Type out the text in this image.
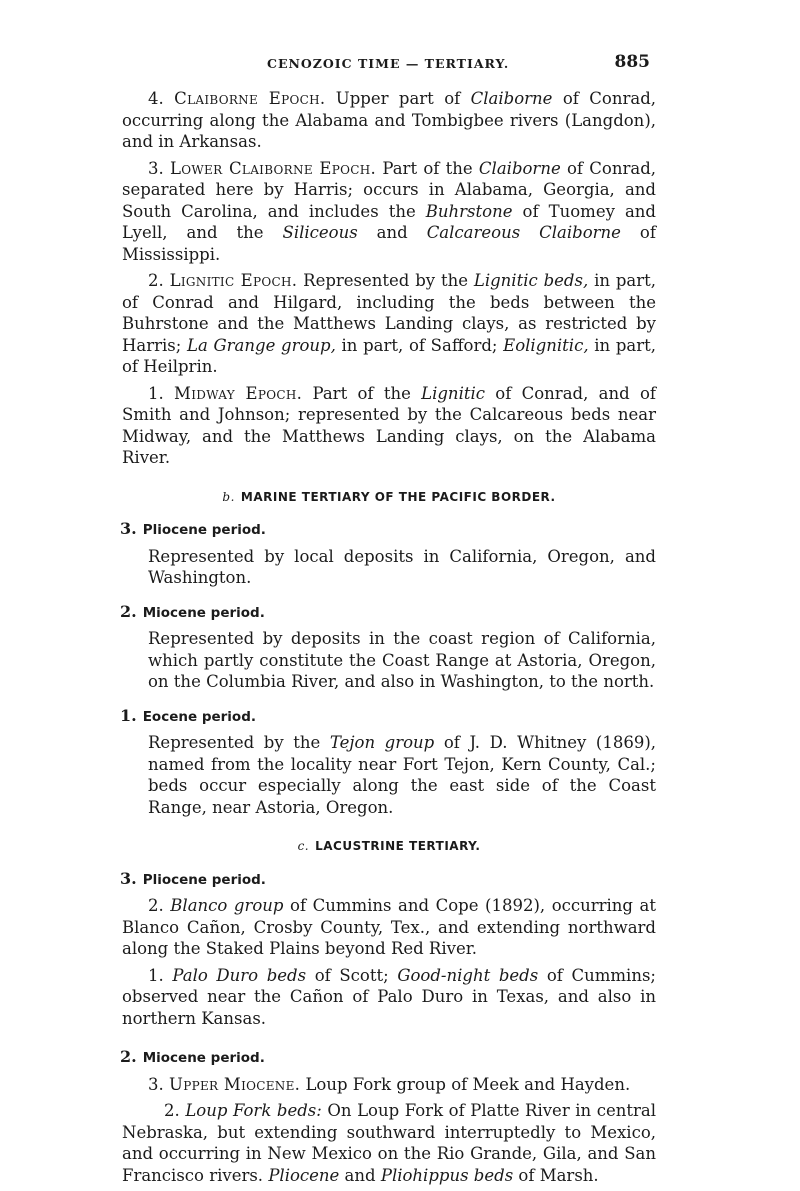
CENOZOIC TIME — TERTIARY.	885

4. Claiborne Epoch. Upper part of Claiborne of Conrad, occurring along the Alabama and Tombigbee rivers (Langdon), and in Arkansas.

3. Lower Claiborne Epoch. Part of the Claiborne of Conrad, separated here by Harris; occurs in Alabama, Georgia, and South Carolina, and includes the Buhrstone of Tuomey and Lyell, and the Siliceous and Calcareous Claiborne of Mississippi.

2. Lignitic Epoch. Represented by the Lignitic beds, in part, of Conrad and Hilgard, including the beds between the Buhrstone and the Matthews Landing clays, as restricted by Harris; La Grange group, in part, of Safford; Eolignitic, in part, of Heilprin.

1. Midway Epoch. Part of the Lignitic of Conrad, and of Smith and Johnson; represented by the Calcareous beds near Midway, and the Matthews Landing clays, on the Alabama River.

b. MARINE TERTIARY OF THE PACIFIC BORDER.
3. Pliocene period.

Represented by local deposits in California, Oregon, and Washington.

2. Miocene period.

Represented by deposits in the coast region of California, which partly constitute the Coast Range at Astoria, Oregon, on the Columbia River, and also in Washington, to the north.

1. Eocene period.

Represented by the Tejon group of J. D. Whitney (1869), named from the locality near Fort Tejon, Kern County, Cal.; beds occur especially along the east side of the Coast Range, near Astoria, Oregon.

c. LACUSTRINE TERTIARY.
3. Pliocene period.

2. Blanco group of Cummins and Cope (1892), occurring at Blanco Cañon, Crosby County, Tex., and extending northward along the Staked Plains beyond Red River.

1. Palo Duro beds of Scott; Good-night beds of Cummins; observed near the Cañon of Palo Duro in Texas, and also in northern Kansas.

2. Miocene period.

3. Upper Miocene. Loup Fork group of Meek and Hayden.

2. Loup Fork beds: On Loup Fork of Platte River in central Nebraska, but extending southward interruptedly to Mexico, and occurring in New Mexico on the Rio Grande, Gila, and San Francisco rivers. Pliocene and Pliohippus beds of Marsh.
